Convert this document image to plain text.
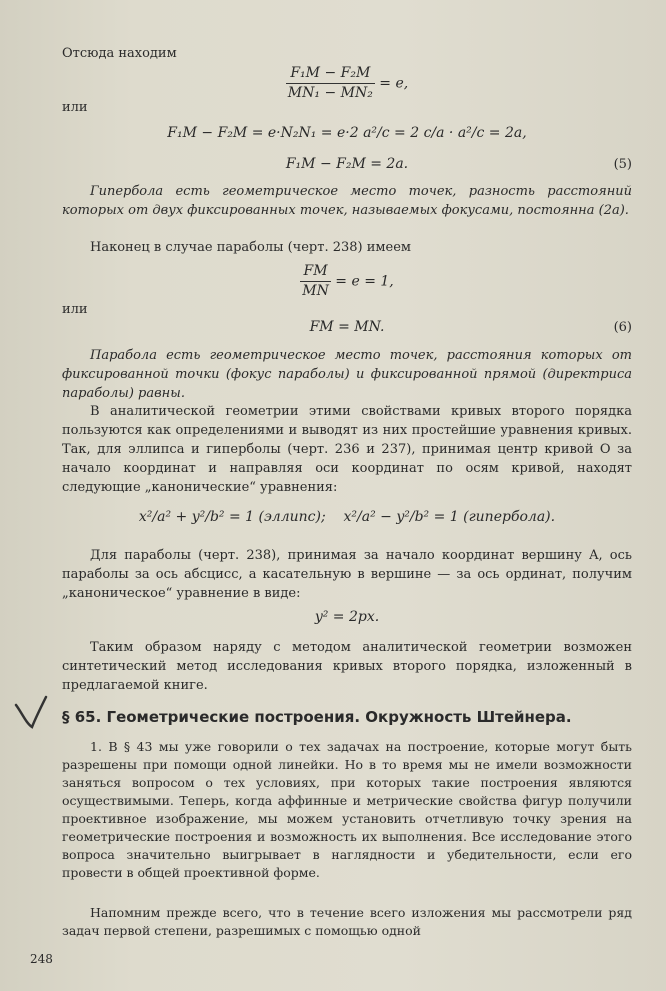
Отсюда находим
$\frac{\text{F₁M − F₂M}}{\text{MN₁ − MN₂}} = e$,
или
F₁M − F₂M = e·N₂N₁ = e·2 a²/c = 2 c/a · a²/c = 2a,
F₁M − F₂M = 2a.	(5)
Гипербола есть геометрическое место точек, разность расстояний которых от двух фиксированных точек, называемых фокусами, постоянна (2a).
Наконец в случае параболы (черт. 238) имеем
$\frac{FM}{MN} = e = 1$,
или
FM = MN.	(6)
Парабола есть геометрическое место точек, расстояния которых от фиксированной точки (фокус параболы) и фиксированной прямой (директриса параболы) равны.
В аналитической геометрии этими свойствами кривых второго порядка пользуются как определениями и выводят из них простейшие уравнения кривых. Так, для эллипса и гиперболы (черт. 236 и 237), принимая центр кривой O за начало координат и направляя оси координат по осям кривой, находят следующие „канонические“ уравнения:
x²/a² + y²/b² = 1 (эллипс); x²/a² − y²/b² = 1 (гипербола).
Для параболы (черт. 238), принимая за начало координат вершину A, ось параболы за ось абсцисс, а касательную в вершине — за ось ординат, получим „каноническое“ уравнение в виде:
y² = 2px.
Таким образом наряду с методом аналитической геометрии возможен синтетический метод исследования кривых второго порядка, изложенный в предлагаемой книге.
§ 65. Геометрические построения. Окружность Штейнера.
1. В § 43 мы уже говорили о тех задачах на построение, которые могут быть разрешены при помощи одной линейки. Но в то время мы не имели возможности заняться вопросом о тех условиях, при которых такие построения являются осуществимыми. Теперь, когда аффинные и метрические свойства фигур получили проективное изображение, мы можем установить отчетливую точку зрения на геометрические построения и возможность их выполнения. Все исследование этого вопроса значительно выигрывает в наглядности и убедительности, если его провести в общей проективной форме.
Напомним прежде всего, что в течение всего изложения мы рассмотрели ряд задач первой степени, разрешимых с помощью одной
248
